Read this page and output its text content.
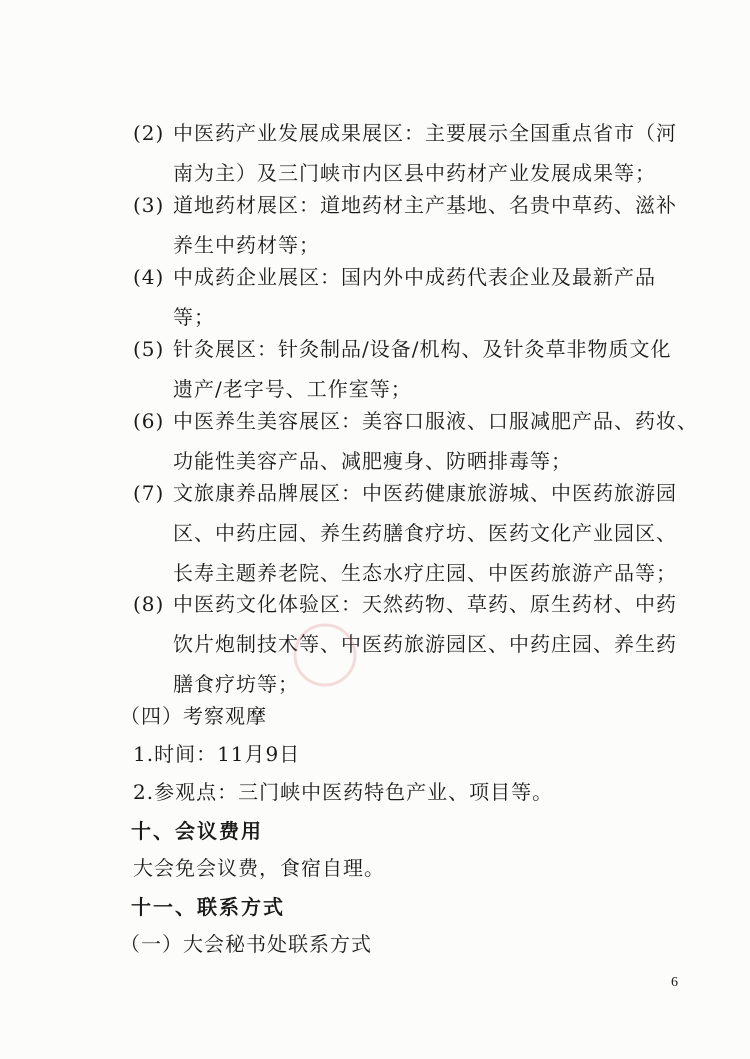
(2) 中医药产业发展成果展区：主要展示全国重点省市（河
南为主）及三门峡市内区县中药材产业发展成果等；
(3) 道地药材展区：道地药材主产基地、名贵中草药、滋补
养生中药材等；
(4) 中成药企业展区：国内外中成药代表企业及最新产品
等；
(5) 针灸展区：针灸制品/设备/机构、及针灸草非物质文化
遗产/老字号、工作室等；
(6) 中医养生美容展区：美容口服液、口服减肥产品、药妆、
功能性美容产品、减肥瘦身、防晒排毒等；
(7) 文旅康养品牌展区：中医药健康旅游城、中医药旅游园
区、中药庄园、养生药膳食疗坊、医药文化产业园区、
长寿主题养老院、生态水疗庄园、中医药旅游产品等；
(8) 中医药文化体验区：天然药物、草药、原生药材、中药
饮片炮制技术等、中医药旅游园区、中药庄园、养生药
膳食疗坊等；
（四）考察观摩
1.时间：11月9日
2.参观点：三门峡中医药特色产业、项目等。
十、会议费用
大会免会议费，食宿自理。
十一、联系方式
（一）大会秘书处联系方式
6
